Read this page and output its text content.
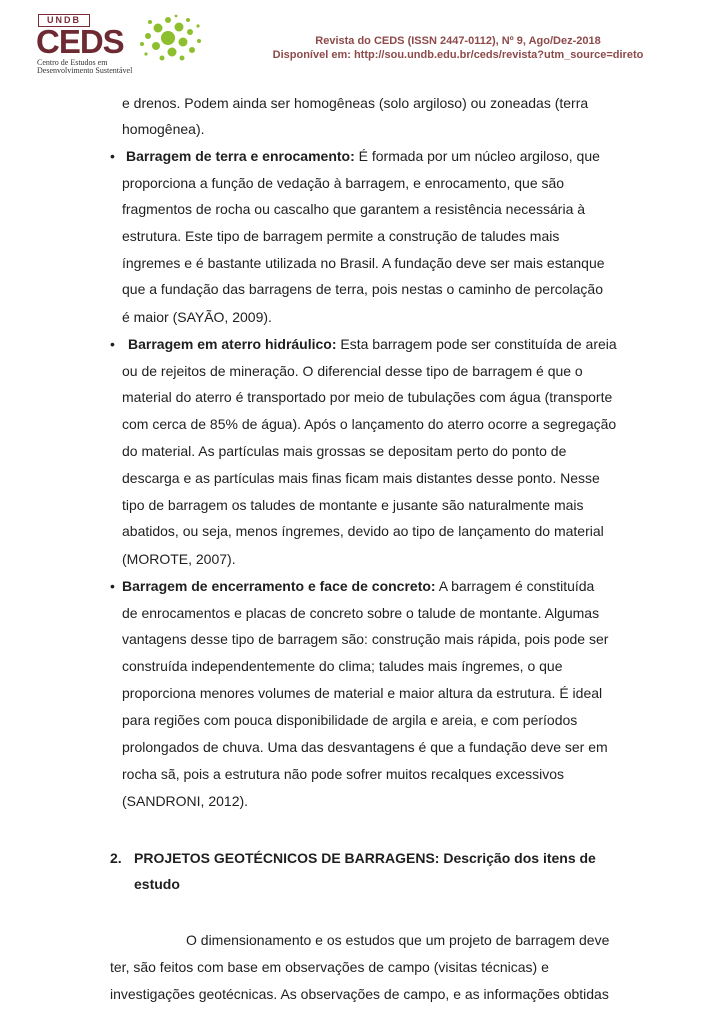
UNDB
CEDS
Centro de Estudos em
Desenvolvimento Sustentável
Revista do CEDS (ISSN 2447-0112), Nº 9, Ago/Dez-2018
Disponível em: http://sou.undb.edu.br/ceds/revista?utm_source=direto
e drenos. Podem ainda ser homogêneas (solo argiloso) ou zoneadas (terra
homogênea).
• Barragem de terra e enrocamento: É formada por um núcleo argiloso, que
proporciona a função de vedação à barragem, e enrocamento, que são
fragmentos de rocha ou cascalho que garantem a resistência necessária à
estrutura. Este tipo de barragem permite a construção de taludes mais
íngremes e é bastante utilizada no Brasil. A fundação deve ser mais estanque
que a fundação das barragens de terra, pois nestas o caminho de percolação
é maior (SAYÃO, 2009).
• Barragem em aterro hidráulico: Esta barragem pode ser constituída de areia
ou de rejeitos de mineração. O diferencial desse tipo de barragem é que o
material do aterro é transportado por meio de tubulações com água (transporte
com cerca de 85% de água). Após o lançamento do aterro ocorre a segregação
do material. As partículas mais grossas se depositam perto do ponto de
descarga e as partículas mais finas ficam mais distantes desse ponto. Nesse
tipo de barragem os taludes de montante e jusante são naturalmente mais
abatidos, ou seja, menos íngremes, devido ao tipo de lançamento do material
(MOROTE, 2007).
• Barragem de encerramento e face de concreto: A barragem é constituída
de enrocamentos e placas de concreto sobre o talude de montante. Algumas
vantagens desse tipo de barragem são: construção mais rápida, pois pode ser
construída independentemente do clima; taludes mais íngremes, o que
proporciona menores volumes de material e maior altura da estrutura. É ideal
para regiões com pouca disponibilidade de argila e areia, e com períodos
prolongados de chuva. Uma das desvantagens é que a fundação deve ser em
rocha sã, pois a estrutura não pode sofrer muitos recalques excessivos
(SANDRONI, 2012).
2. PROJETOS GEOTÉCNICOS DE BARRAGENS: Descrição dos itens de
estudo
O dimensionamento e os estudos que um projeto de barragem deve
ter, são feitos com base em observações de campo (visitas técnicas) e
investigações geotécnicas. As observações de campo, e as informações obtidas
